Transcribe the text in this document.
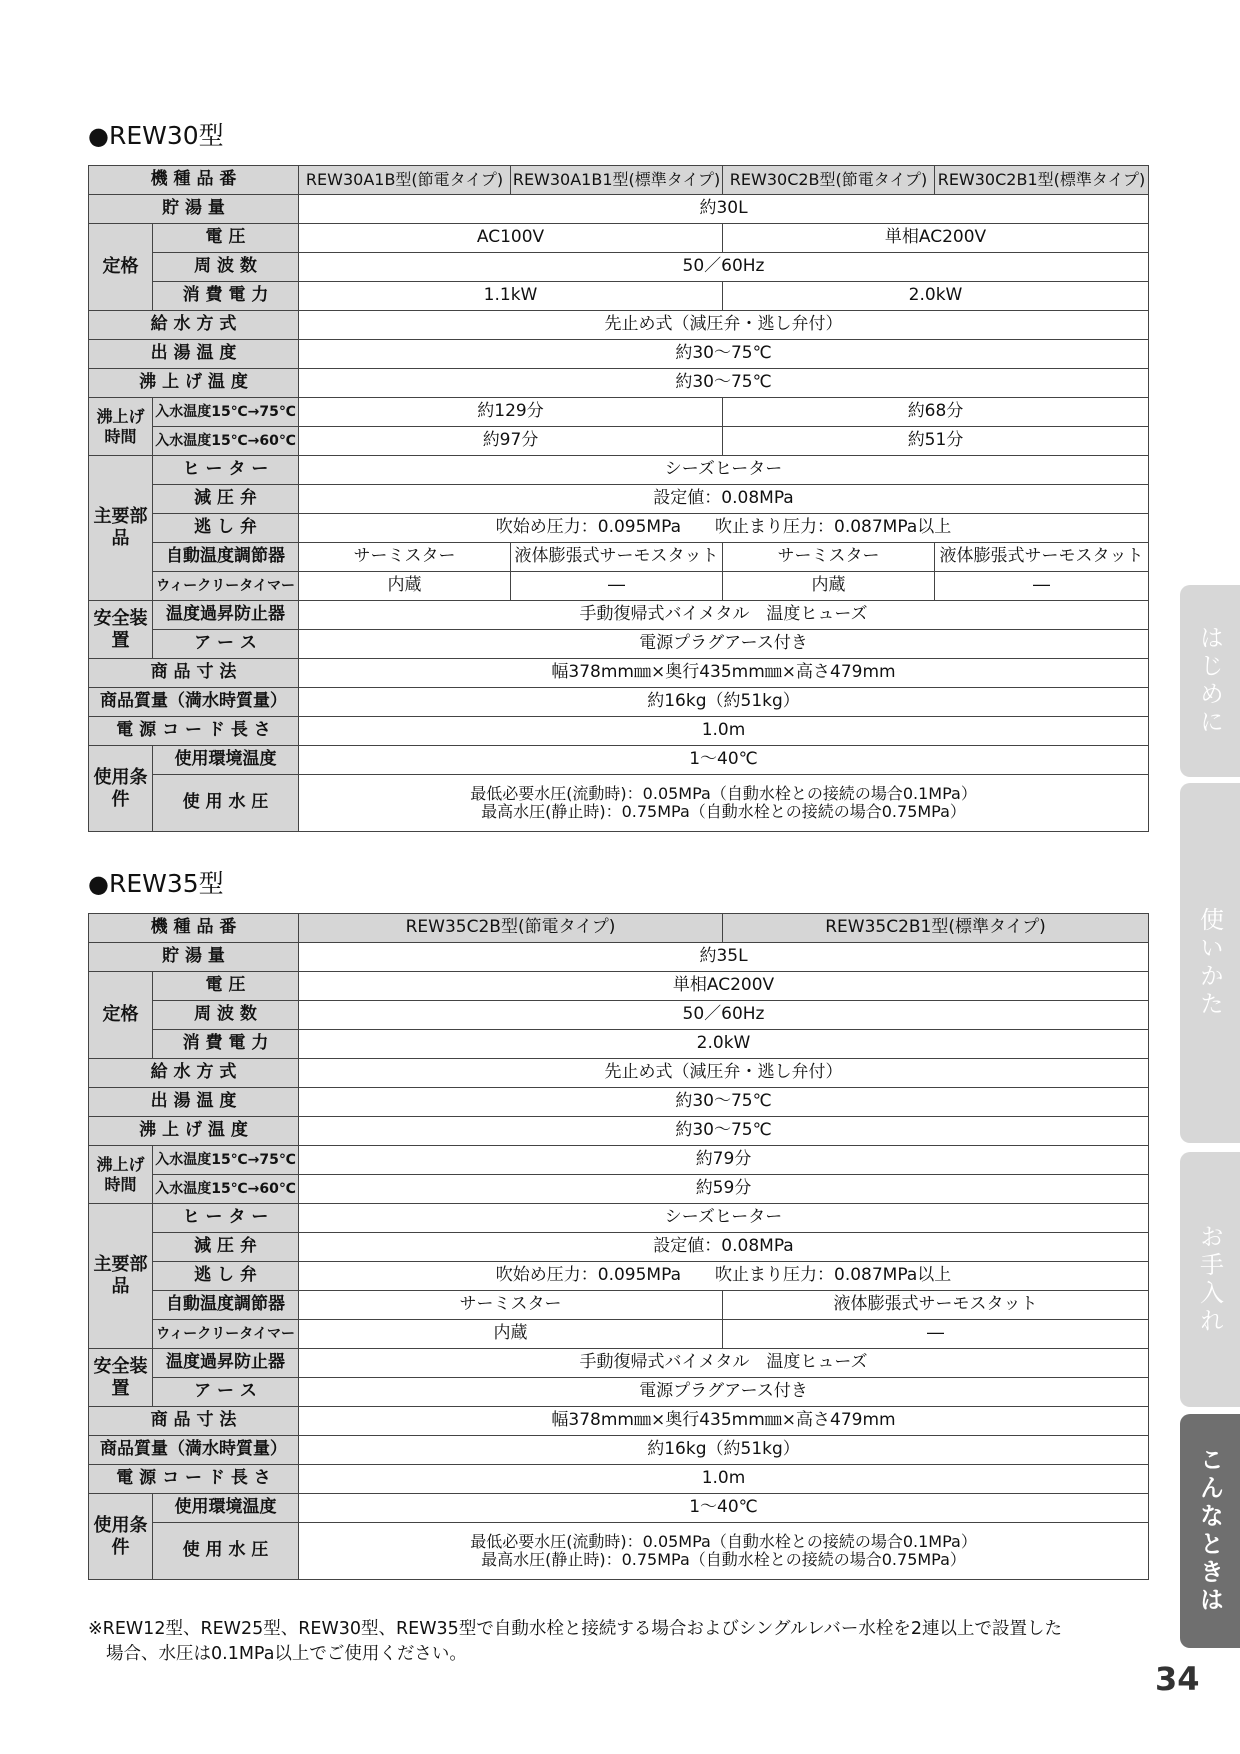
●REW30型
機 種 品 番		REW30A1B型(節電タイプ)	REW30A1B1型(標準タイプ)	REW30C2B型(節電タイプ)	REW30C2B1型(標準タイプ)
貯 湯 量		約30L			
定格	電 圧	AC100V		単相AC200V	
	周 波 数	50／60Hz			
	消 費 電 力	1.1kW		2.0kW	
給 水 方 式		先止め式（減圧弁・逃し弁付）			
出 湯 温 度		約30～75℃			
沸 上 げ 温 度		約30～75℃			
沸上げ時間	入水温度15℃→75℃	約129分		約68分	
	入水温度15℃→60℃	約97分		約51分	
主要部品	ヒ ー タ ー	シーズヒーター			
	減 圧 弁	設定値：0.08MPa			
	逃 し 弁	吹始め圧力：0.095MPa　　吹止まり圧力：0.087MPa以上			
	自動温度調節器	サーミスター	液体膨張式サーモスタット	サーミスター	液体膨張式サーモスタット
	ウィークリータイマー	内蔵	―	内蔵	―
安全装置	温度過昇防止器	手動復帰式バイメタル　温度ヒューズ			
	ア ー ス	電源プラグアース付き			
商 品 寸 法		幅378mm㎜×奥行435mm㎜×高さ479mm			
商品質量（満水時質量）		約16kg（約51kg）			
電 源 コ ー ド 長 さ		1.0m			
使用条件	使用環境温度	1～40℃			
	使 用 水 圧	最低必要水圧(流動時)：0.05MPa（自動水栓との接続の場合0.1MPa）
最高水圧(静止時)：0.75MPa（自動水栓との接続の場合0.75MPa）			
●REW35型
機 種 品 番		REW35C2B型(節電タイプ)	REW35C2B1型(標準タイプ)
貯 湯 量		約35L	
定格	電 圧	単相AC200V	
	周 波 数	50／60Hz	
	消 費 電 力	2.0kW	
給 水 方 式		先止め式（減圧弁・逃し弁付）	
出 湯 温 度		約30～75℃	
沸 上 げ 温 度		約30～75℃	
沸上げ時間	入水温度15℃→75℃	約79分	
	入水温度15℃→60℃	約59分	
主要部品	ヒ ー タ ー	シーズヒーター	
	減 圧 弁	設定値：0.08MPa	
	逃 し 弁	吹始め圧力：0.095MPa　　吹止まり圧力：0.087MPa以上	
	自動温度調節器	サーミスター	液体膨張式サーモスタット
	ウィークリータイマー	内蔵	―
安全装置	温度過昇防止器	手動復帰式バイメタル　温度ヒューズ	
	ア ー ス	電源プラグアース付き	
商 品 寸 法		幅378mm㎜×奥行435mm㎜×高さ479mm	
商品質量（満水時質量）		約16kg（約51kg）	
電 源 コ ー ド 長 さ		1.0m	
使用条件	使用環境温度	1～40℃	
	使 用 水 圧	最低必要水圧(流動時)：0.05MPa（自動水栓との接続の場合0.1MPa）
最高水圧(静止時)：0.75MPa（自動水栓との接続の場合0.75MPa）	
※REW12型、REW25型、REW30型、REW35型で自動水栓と接続する場合およびシングルレバー水栓を2連以上で設置した
場合、水圧は0.1MPa以上でご使用ください。
はじめに
使いかた
お手入れ
こんなときは
34
